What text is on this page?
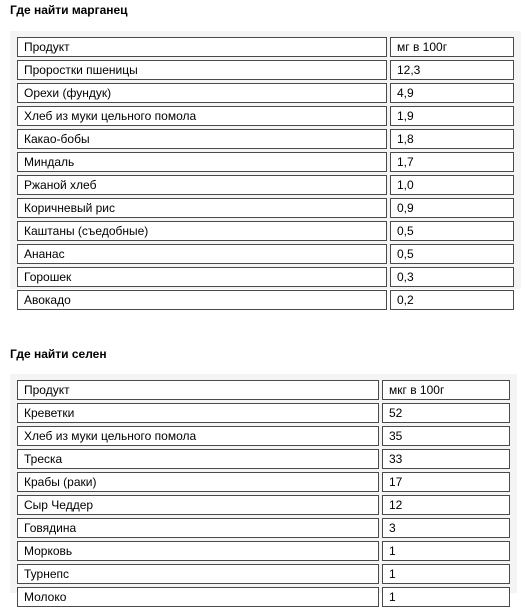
Где найти марганец
Продукт	мг в 100г
Проростки пшеницы	12,3
Орехи (фундук)	4,9
Хлеб из муки цельного помола	1,9
Какао-бобы	1,8
Миндаль	1,7
Ржаной хлеб	1,0
Коричневый рис	0,9
Каштаны (съедобные)	0,5
Ананас	0,5
Горошек	0,3
Авокадо	0,2
Где найти селен
Продукт	мкг в 100г
Креветки	52
Хлеб из муки цельного помола	35
Треска	33
Крабы (раки)	17
Сыр Чеддер	12
Говядина	3
Морковь	1
Турнепс	1
Молоко	1
